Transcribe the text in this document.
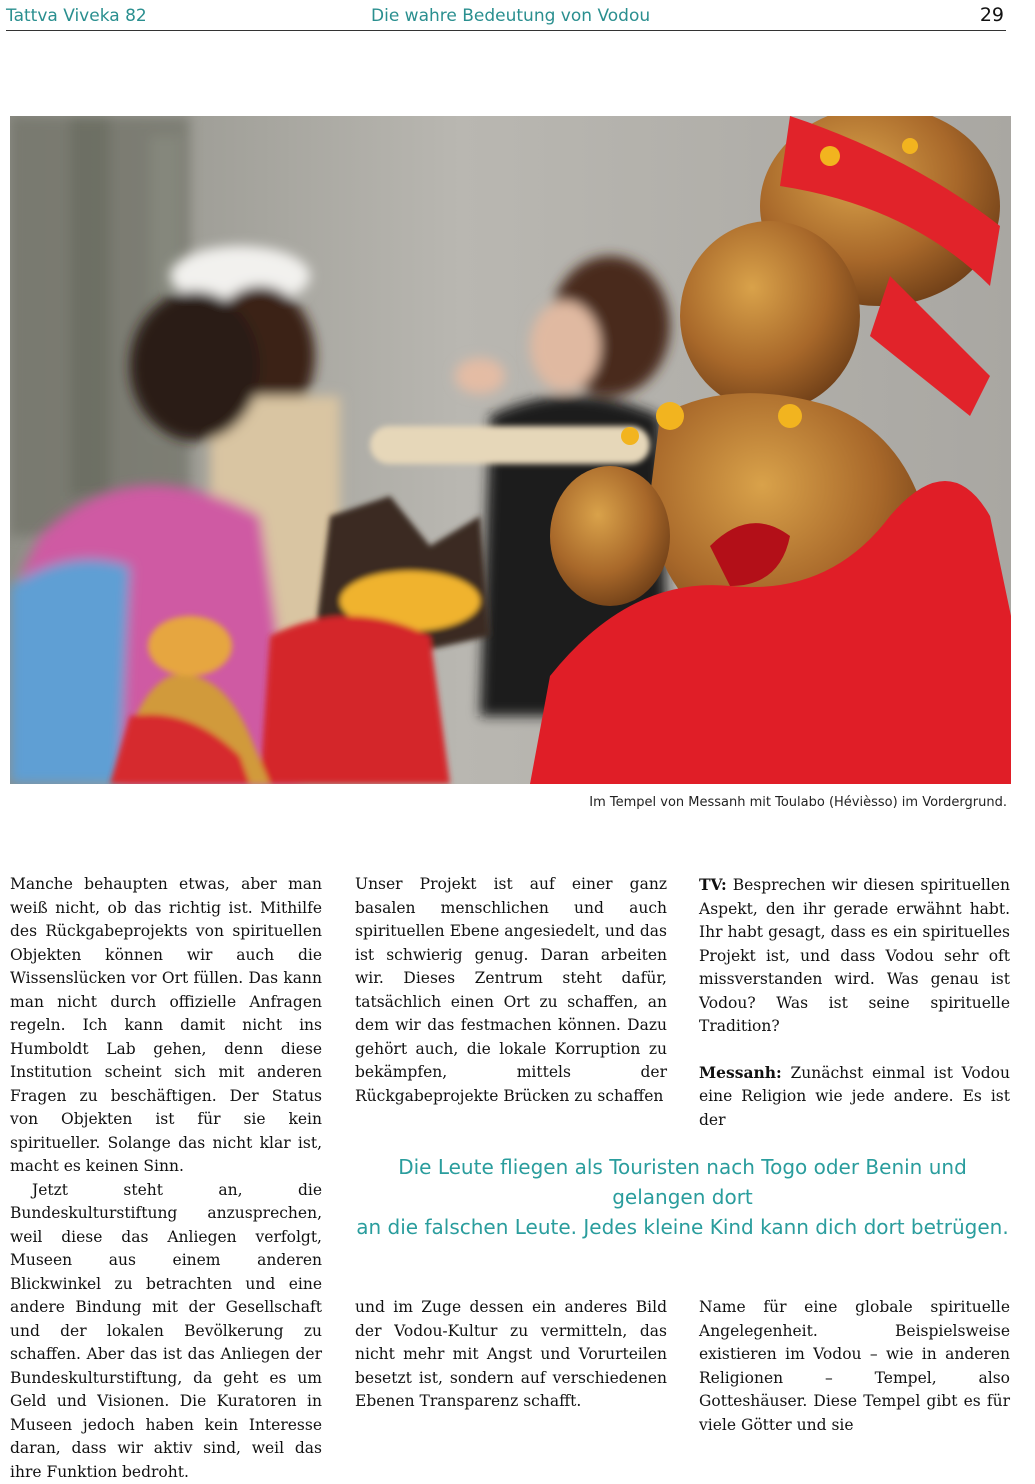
Tattva Viveka 82	Die wahre Bedeutung von Vodou	29
Im Tempel von Messanh mit Toulabo (Hévièsso) im Vordergrund.

Manche behaupten etwas, aber man weiß nicht, ob das richtig ist. Mithilfe des Rückgabeprojekts von spirituellen Objekten können wir auch die Wissenslücken vor Ort füllen. Das kann man nicht durch offizielle Anfragen regeln. Ich kann damit nicht ins Humboldt Lab gehen, denn diese Institution scheint sich mit anderen Fragen zu beschäftigen. Der Status von Objekten ist für sie kein spiritueller. Solange das nicht klar ist, macht es keinen Sinn.

Jetzt steht an, die Bundeskulturstiftung anzusprechen, weil diese das Anliegen verfolgt, Museen aus einem anderen Blickwinkel zu betrachten und eine andere Bindung mit der Gesellschaft und der lokalen Bevölkerung zu schaffen. Aber das ist das Anliegen der Bundeskulturstiftung, da geht es um Geld und Visionen. Die Kuratoren in Museen jedoch haben kein Interesse daran, dass wir aktiv sind, weil das ihre Funktion bedroht.

Unser Projekt ist auf einer ganz basalen menschlichen und auch spirituellen Ebene angesiedelt, und das ist schwierig genug. Daran arbeiten wir. Dieses Zentrum steht dafür, tatsächlich einen Ort zu schaffen, an dem wir das festmachen können. Dazu gehört auch, die lokale Korruption zu bekämpfen, mittels der Rückgabeprojekte Brücken zu schaffen

TV: Besprechen wir diesen spirituellen Aspekt, den ihr gerade erwähnt habt. Ihr habt gesagt, dass es ein spirituelles Projekt ist, und dass Vodou sehr oft missverstanden wird. Was genau ist Vodou? Was ist seine spirituelle Tradition?

Messanh: Zunächst einmal ist Vodou eine Religion wie jede andere. Es ist der

Die Leute fliegen als Touristen nach Togo oder Benin und gelangen dort
an die falschen Leute. Jedes kleine Kind kann dich dort betrügen.

und im Zuge dessen ein anderes Bild der Vodou-Kultur zu vermitteln, das nicht mehr mit Angst und Vorurteilen besetzt ist, sondern auf verschiedenen Ebenen Transparenz schafft.

Name für eine globale spirituelle Angelegenheit. Beispielsweise existieren im Vodou – wie in anderen Religionen – Tempel, also Gotteshäuser. Diese Tempel gibt es für viele Götter und sie
